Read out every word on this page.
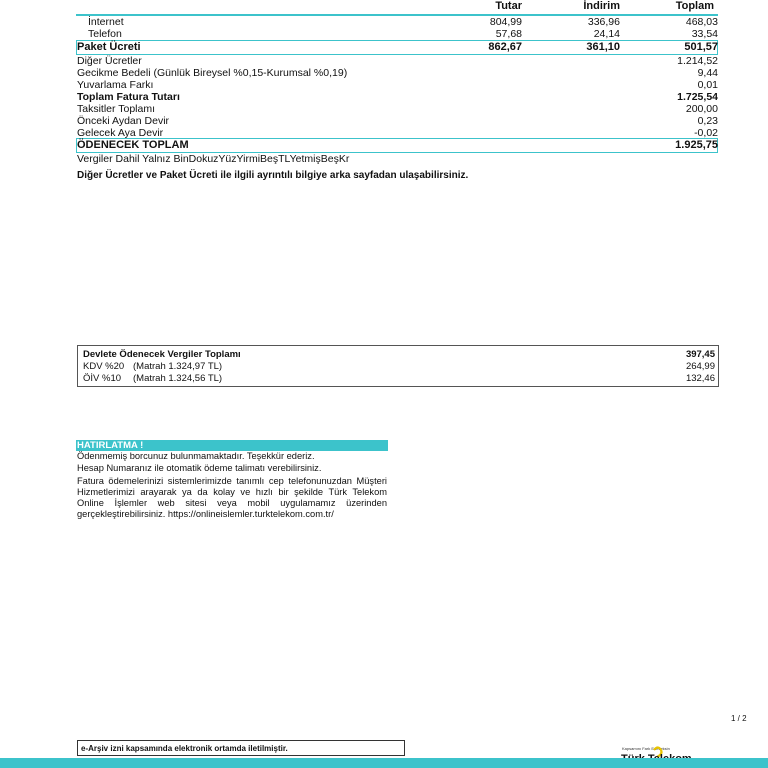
Tutar	İndirim	Toplam
İnternet	804,99	336,96	468,03
Telefon	57,68	24,14	33,54
Paket Ücreti	862,67	361,10	501,57
Diğer Ücretler	1.214,52
Gecikme Bedeli (Günlük Bireysel %0,15-Kurumsal %0,19)	9,44
Yuvarlama Farkı	0,01
Toplam Fatura Tutarı	1.725,54
Taksitler Toplamı	200,00
Önceki Aydan Devir	0,23
Gelecek Aya Devir	-0,02
ÖDENECEK TOPLAM	1.925,75
Vergiler Dahil Yalnız BinDokuzYüzYirmiBeşTLYetmişBeşKr
Diğer Ücretler ve Paket Ücreti ile ilgili ayrıntılı bilgiye arka sayfadan ulaşabilirsiniz.
Devlete Ödenecek Vergiler Toplamı	397,45
KDV %20 (Matrah 1.324,97 TL)	264,99
ÖİV %10 (Matrah 1.324,56 TL)	132,46
HATIRLATMA !
Ödenmemiş borcunuz bulunmamaktadır. Teşekkür ederiz.
Hesap Numaranız ile otomatik ödeme talimatı verebilirsiniz.
Fatura ödemelerinizi sistemlerimizde tanımlı cep telefonunuzdan Müşteri Hizmetlerimizi arayarak ya da kolay ve hızlı bir şekilde Türk Telekom Online İşlemler web sitesi veya mobil uygulamamız üzerinden gerçekleştirebilirsiniz. https://onlineislemler.turktelekom.com.tr/
1 / 2
e-Arşiv izni kapsamında elektronik ortamda iletilmiştir.	Kapsamını Fark Edeceksin
